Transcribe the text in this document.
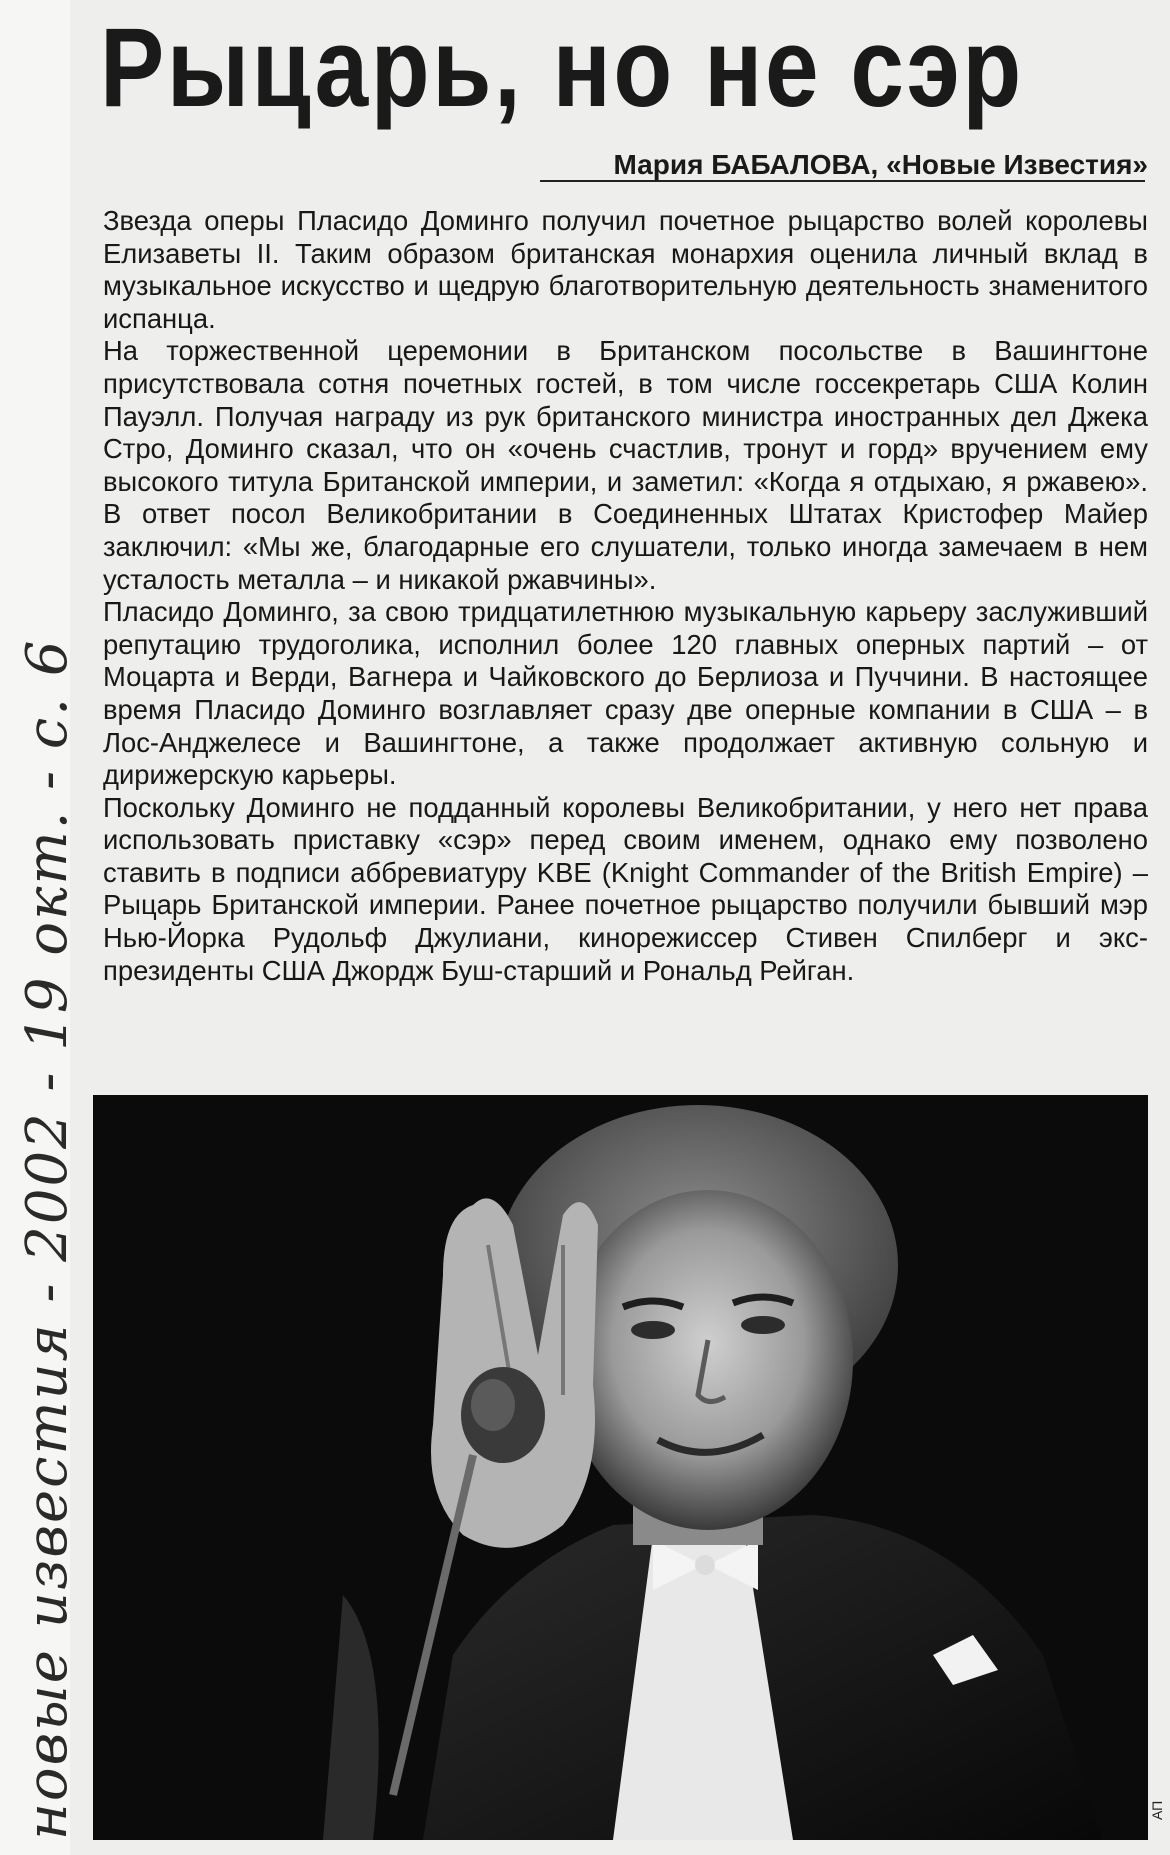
Рыцарь, но не сэр
Мария БАБАЛОВА, «Новые Известия»

Звезда оперы Пласидо Доминго получил почетное рыцарство волей королевы Елизаветы II. Таким образом британская монархия оценила личный вклад в музыкальное искусство и щедрую благотворительную деятельность знаменитого испанца.

На торжественной церемонии в Британском посольстве в Вашингтоне присутствовала сотня почетных гостей, в том числе госсекретарь США Колин Пауэлл. Получая награду из рук британского министра иностранных дел Джека Стро, Доминго сказал, что он «очень счастлив, тронут и горд» вручением ему высокого титула Британской империи, и заметил: «Когда я отдыхаю, я ржавею». В ответ посол Великобритании в Соединенных Штатах Кристофер Майер заключил: «Мы же, благодарные его слушатели, только иногда замечаем в нем усталость металла – и никакой ржавчины».

Пласидо Доминго, за свою тридцатилетнюю музыкальную карьеру заслуживший репутацию трудоголика, исполнил более 120 главных оперных партий – от Моцарта и Верди, Вагнера и Чайковского до Берлиоза и Пуччини. В настоящее время Пласидо Доминго возглавляет сразу две оперные компании в США – в Лос-Анджелесе и Вашингтоне, а также продолжает активную сольную и дирижерскую карьеры.

Поскольку Доминго не подданный королевы Великобритании, у него нет права использовать приставку «сэр» перед своим именем, однако ему позволено ставить в подписи аббревиатуру KBE (Knight Commander of the British Empire) – Рыцарь Британской империи. Ранее почетное рыцарство получили бывший мэр Нью-Йорка Рудольф Джулиани, кинорежиссер Стивен Спилберг и экс-президенты США Джордж Буш-старший и Рональд Рейган.

АП
новые известия - 2002 - 19 окт. - с. 6
